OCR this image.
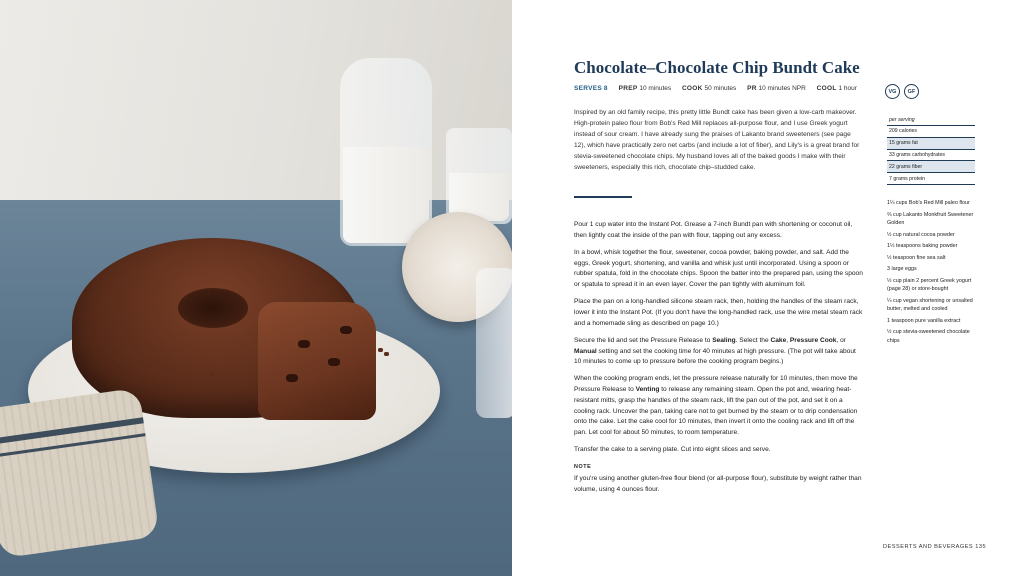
Chocolate–Chocolate Chip Bundt Cake
SERVES 8 PREP 10 minutes COOK 50 minutes PR 10 minutes NPR COOL 1 hour	VG	GF

Inspired by an old family recipe, this pretty little Bundt cake has been given a low-carb makeover. High-protein paleo flour from Bob's Red Mill replaces all-purpose flour, and I use Greek yogurt instead of sour cream. I have already sung the praises of Lakanto brand sweeteners (see page 12), which have practically zero net carbs (and include a lot of fiber), and Lily's is a great brand for stevia-sweetened chocolate chips. My husband loves all of the baked goods I make with their sweeteners, especially this rich, chocolate chip–studded cake.

Pour 1 cup water into the Instant Pot. Grease a 7-inch Bundt pan with shortening or coconut oil, then lightly coat the inside of the pan with flour, tapping out any excess.

In a bowl, whisk together the flour, sweetener, cocoa powder, baking powder, and salt. Add the eggs, Greek yogurt, shortening, and vanilla and whisk just until incorporated. Using a spoon or rubber spatula, fold in the chocolate chips. Spoon the batter into the prepared pan, using the spoon or spatula to spread it in an even layer. Cover the pan tightly with aluminum foil.

Place the pan on a long-handled silicone steam rack, then, holding the handles of the steam rack, lower it into the Instant Pot. (If you don't have the long-handled rack, use the wire metal steam rack and a homemade sling as described on page 10.)

Secure the lid and set the Pressure Release to Sealing. Select the Cake, Pressure Cook, or Manual setting and set the cooking time for 40 minutes at high pressure. (The pot will take about 10 minutes to come up to pressure before the cooking program begins.)

When the cooking program ends, let the pressure release naturally for 10 minutes, then move the Pressure Release to Venting to release any remaining steam. Open the pot and, wearing heat-resistant mitts, grasp the handles of the steam rack, lift the pan out of the pot, and set it on a cooling rack. Uncover the pan, taking care not to get burned by the steam or to drip condensation onto the cake. Let the cake cool for 10 minutes, then invert it onto the cooling rack and lift off the pan. Let cool for about 50 minutes, to room temperature.

Transfer the cake to a serving plate. Cut into eight slices and serve.

NOTE

If you're using another gluten-free flour blend (or all-purpose flour), substitute by weight rather than volume, using 4 ounces flour.

per serving
209 calories
15 grams fat
33 grams carbohydrates
22 grams fiber
7 grams protein
1¼ cups Bob's Red Mill paleo flour
⅔ cup Lakanto Monkfruit Sweetener Golden
½ cup natural cocoa powder
1½ teaspoons baking powder
½ teaspoon fine sea salt
3 large eggs
½ cup plain 2 percent Greek yogurt (page 28) or store-bought
¼ cup vegan shortening or unsalted butter, melted and cooled
1 teaspoon pure vanilla extract
½ cup stevia-sweetened chocolate chips
DESSERTS AND BEVERAGES 135
